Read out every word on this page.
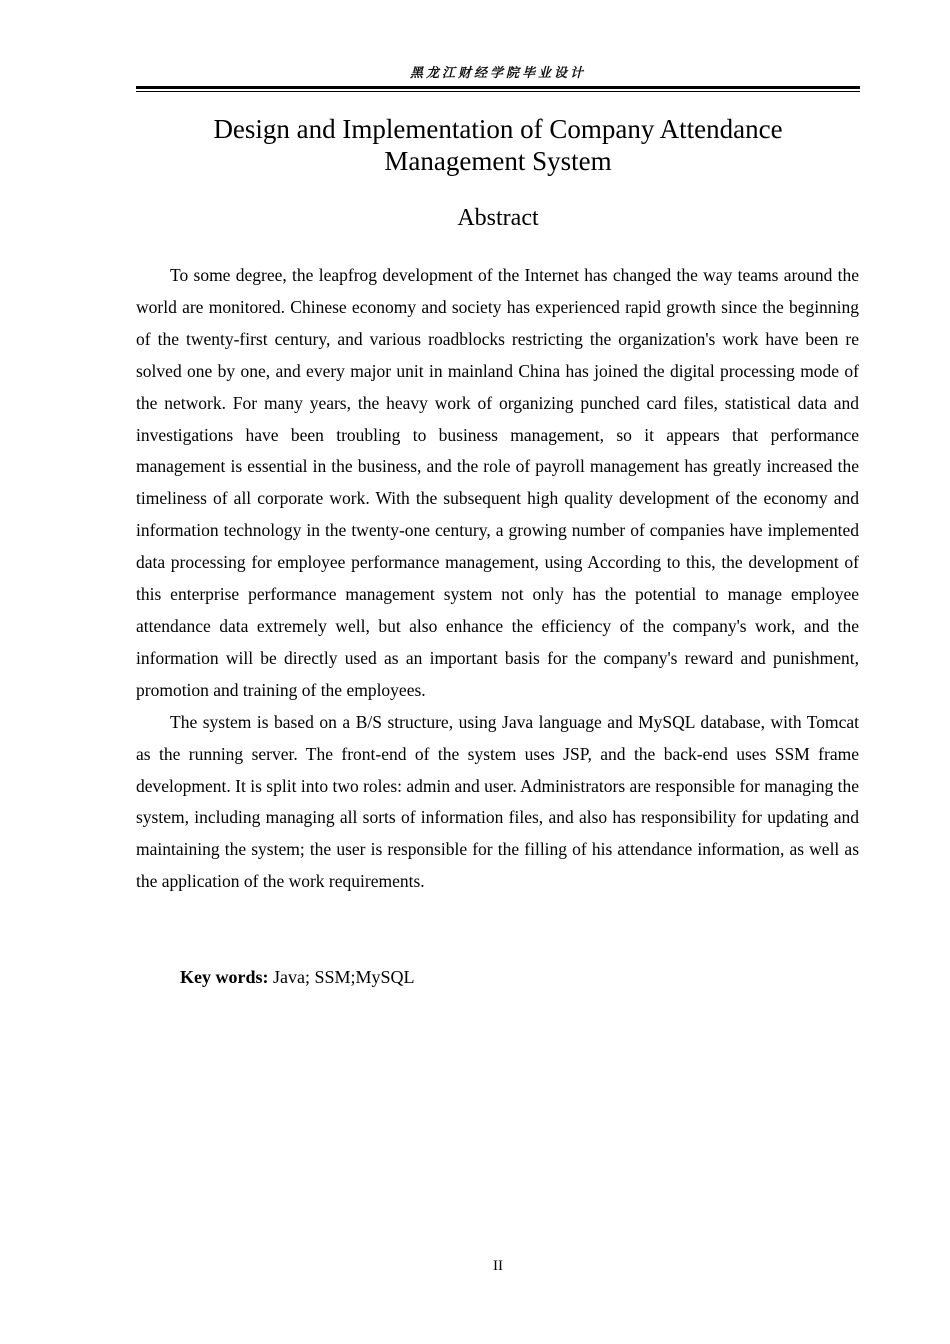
黑龙江财经学院毕业设计
Design and Implementation of Company Attendance
Management System
Abstract

To some degree, the leapfrog development of the Internet has changed the way teams around the world are monitored. Chinese economy and society has experienced rapid growth since the beginning of the twenty-first century, and various roadblocks restricting the organization's work have been re solved one by one, and every major unit in mainland China has joined the digital processing mode of the network. For many years, the heavy work of organizing punched card files, statistical data and investigations have been troubling to business management, so it appears that performance management is essential in the business, and the role of payroll management has greatly increased the timeliness of all corporate work. With the subsequent high quality development of the economy and information technology in the twenty-one century, a growing number of companies have implemented data processing for employee performance management, using According to this, the development of this enterprise performance management system not only has the potential to manage employee attendance data extremely well, but also enhance the efficiency of the company's work, and the information will be directly used as an important basis for the company's reward and punishment, promotion and training of the employees.

The system is based on a B/S structure, using Java language and MySQL database, with Tomcat as the running server. The front-end of the system uses JSP, and the back-end uses SSM frame development. It is split into two roles: admin and user. Administrators are responsible for managing the system, including managing all sorts of information files, and also has responsibility for updating and maintaining the system; the user is responsible for the filling of his attendance information, as well as the application of the work requirements.

Key words: Java; SSM;MySQL

II
